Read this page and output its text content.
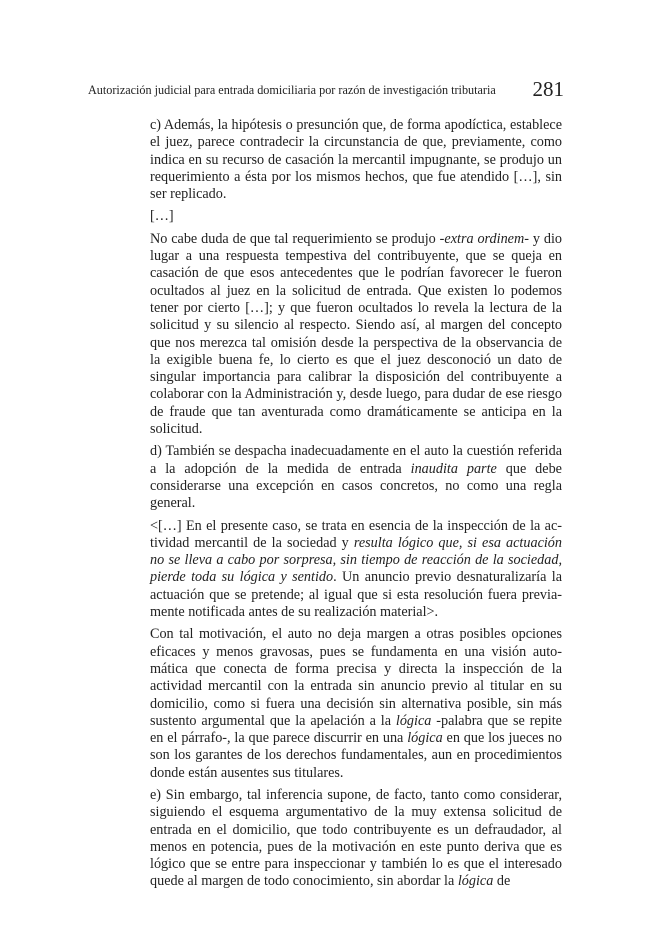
Autorización judicial para entrada domiciliaria por razón de investigación tributaria 281

c) Además, la hipótesis o presunción que, de forma apodíctica, establece el juez, parece contradecir la circunstancia de que, previamente, como indica en su recurso de casación la mercantil impugnante, se produjo un requerimiento a ésta por los mismos hechos, que fue atendido […], sin ser replicado.

[…]

No cabe duda de que tal requerimiento se produjo -extra ordinem- y dio lugar a una respuesta tempestiva del contribuyente, que se queja en casación de que esos antecedentes que le podrían favorecer le fueron ocultados al juez en la solicitud de entrada. Que existen lo podemos tener por cierto […]; y que fueron ocultados lo revela la lectura de la solicitud y su silencio al respecto. Siendo así, al margen del concepto que nos merezca tal omisión desde la perspectiva de la observancia de la exigible buena fe, lo cierto es que el juez desconoció un dato de singular importancia para calibrar la disposición del contribuyente a colaborar con la Administración y, desde luego, para dudar de ese riesgo de fraude que tan aventurada como dramáticamente se anticipa en la solicitud.

d) También se despacha inadecuadamente en el auto la cuestión referida a la adopción de la medida de entrada inaudita parte que debe considerarse una excepción en casos concretos, no como una regla general.

<[…] En el presente caso, se trata en esencia de la inspección de la actividad mercantil de la sociedad y resulta lógico que, si esa actuación no se lleva a cabo por sorpresa, sin tiempo de reacción de la sociedad, pierde toda su lógica y sentido. Un anuncio previo desnaturalizaría la actuación que se pretende; al igual que si esta resolución fuera previamente notificada antes de su realización material>.

Con tal motivación, el auto no deja margen a otras posibles opciones eficaces y menos gravosas, pues se fundamenta en una visión automática que conecta de forma precisa y directa la inspección de la actividad mercantil con la entrada sin anuncio previo al titular en su domicilio, como si fuera una decisión sin alternativa posible, sin más sustento argumental que la apelación a la lógica -palabra que se repite en el párrafo-, la que parece discurrir en una lógica en que los jueces no son los garantes de los derechos fundamentales, aun en procedimientos donde están ausentes sus titulares.

e) Sin embargo, tal inferencia supone, de facto, tanto como considerar, siguiendo el esquema argumentativo de la muy extensa solicitud de entrada en el domicilio, que todo contribuyente es un defraudador, al menos en potencia, pues de la motivación en este punto deriva que es lógico que se entre para inspeccionar y también lo es que el interesado quede al margen de todo conocimiento, sin abordar la lógica de
